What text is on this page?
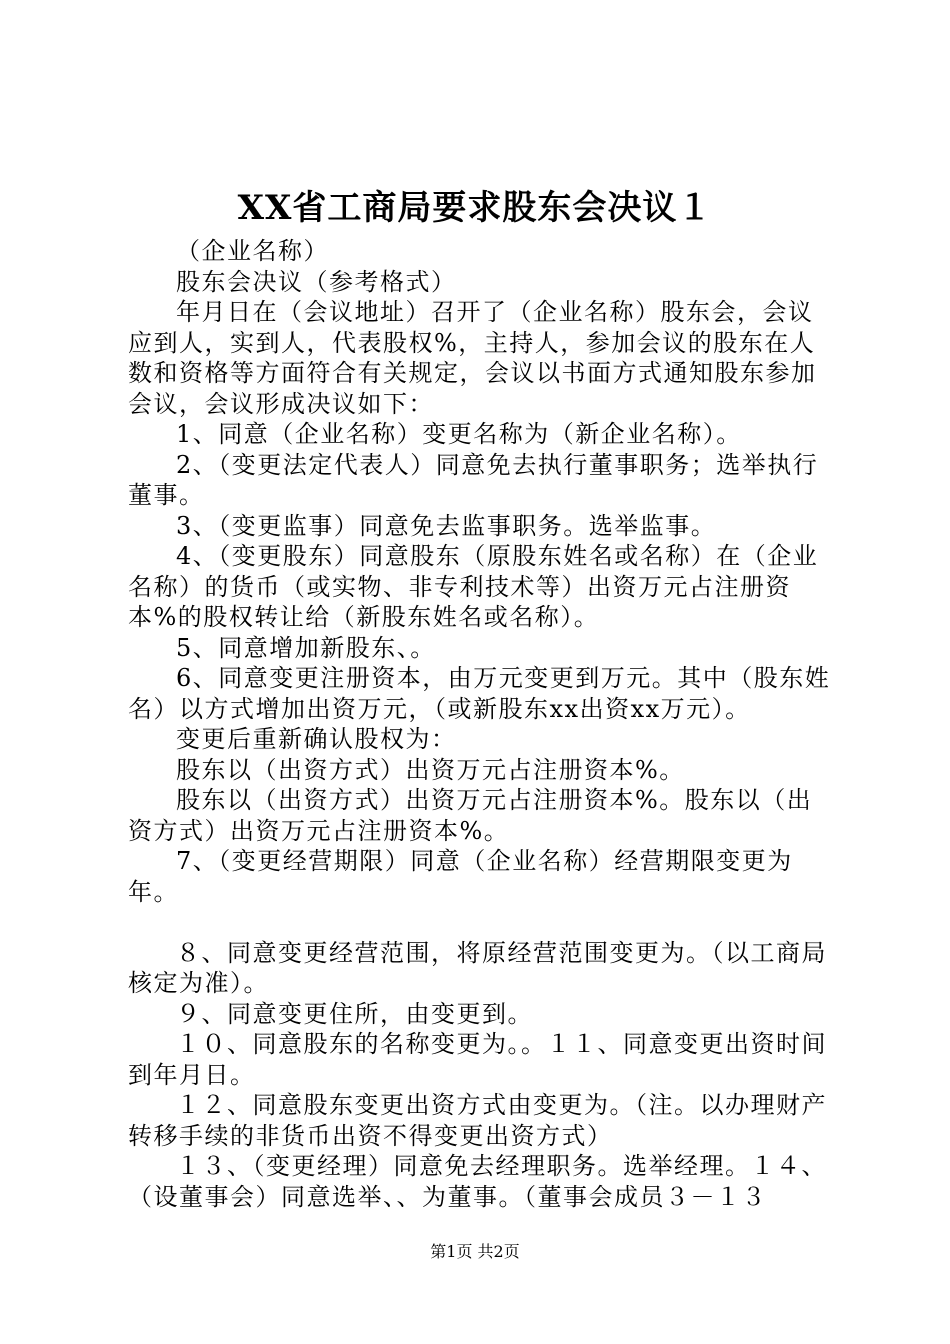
XX省工商局要求股东会决议１

（企业名称）

股东会决议（参考格式）

年月日在（会议地址）召开了（企业名称）股东会，会议应到人，实到人，代表股权%，主持人，参加会议的股东在人数和资格等方面符合有关规定，会议以书面方式通知股东参加会议，会议形成决议如下：

1、同意（企业名称）变更名称为（新企业名称）。

2、（变更法定代表人）同意免去执行董事职务；选举执行董事。

3、（变更监事）同意免去监事职务。选举监事。

4、（变更股东）同意股东（原股东姓名或名称）在（企业名称）的货币（或实物、非专利技术等）出资万元占注册资本%的股权转让给（新股东姓名或名称）。

5、同意增加新股东、。

6、同意变更注册资本，由万元变更到万元。其中（股东姓名）以方式增加出资万元，（或新股东xx出资xx万元）。

变更后重新确认股权为：

股东以（出资方式）出资万元占注册资本%。

股东以（出资方式）出资万元占注册资本%。股东以（出资方式）出资万元占注册资本%。

7、（变更经营期限）同意（企业名称）经营期限变更为年。

８、同意变更经营范围，将原经营范围变更为。（以工商局核定为准）。

９、同意变更住所，由变更到。

１０、同意股东的名称变更为。。１１、同意变更出资时间到年月日。

１２、同意股东变更出资方式由变更为。（注。以办理财产转移手续的非货币出资不得变更出资方式）

１３、（变更经理）同意免去经理职务。选举经理。１４、（设董事会）同意选举、、为董事。（董事会成员３－１３

第1页 共2页
